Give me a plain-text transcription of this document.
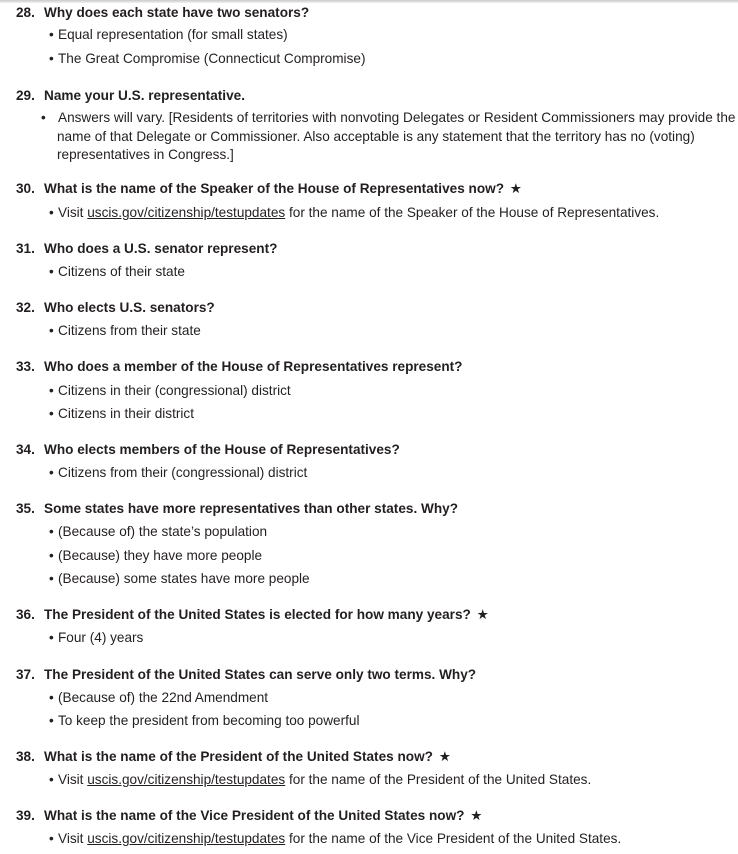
28. Why does each state have two senators?
• Equal representation (for small states)
• The Great Compromise (Connecticut Compromise)
29. Name your U.S. representative.
• Answers will vary. [Residents of territories with nonvoting Delegates or Resident Commissioners may provide the name of that Delegate or Commissioner. Also acceptable is any statement that the territory has no (voting) representatives in Congress.]
30. What is the name of the Speaker of the House of Representatives now? ★
• Visit uscis.gov/citizenship/testupdates for the name of the Speaker of the House of Representatives.
31. Who does a U.S. senator represent?
• Citizens of their state
32. Who elects U.S. senators?
• Citizens from their state
33. Who does a member of the House of Representatives represent?
• Citizens in their (congressional) district
• Citizens in their district
34. Who elects members of the House of Representatives?
• Citizens from their (congressional) district
35. Some states have more representatives than other states. Why?
• (Because of) the state’s population
• (Because) they have more people
• (Because) some states have more people
36. The President of the United States is elected for how many years? ★
• Four (4) years
37. The President of the United States can serve only two terms. Why?
• (Because of) the 22nd Amendment
• To keep the president from becoming too powerful
38. What is the name of the President of the United States now? ★
• Visit uscis.gov/citizenship/testupdates for the name of the President of the United States.
39. What is the name of the Vice President of the United States now? ★
• Visit uscis.gov/citizenship/testupdates for the name of the Vice President of the United States.
